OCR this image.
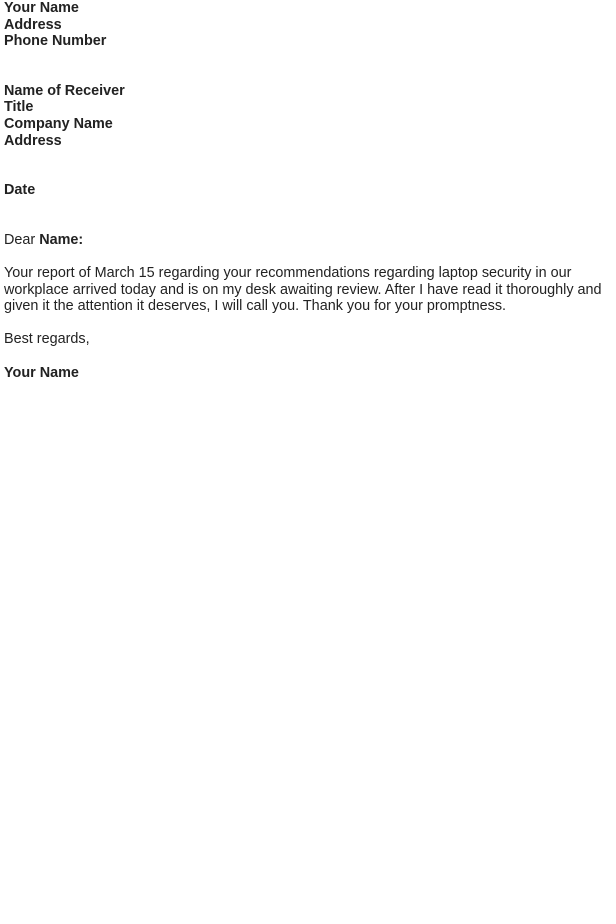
Your Name
Address
Phone Number
Name of Receiver
Title
Company Name
Address
Date
Dear Name:
Your report of March 15 regarding your recommendations regarding laptop security in our
workplace arrived today and is on my desk awaiting review. After I have read it thoroughly and
given it the attention it deserves, I will call you. Thank you for your promptness.
Best regards,
Your Name
